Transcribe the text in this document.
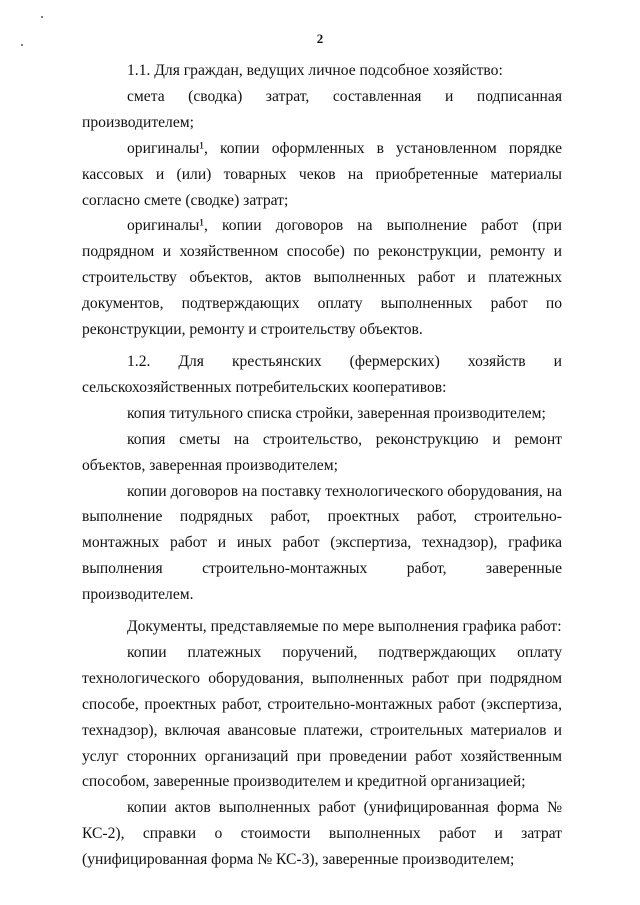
2

1.1. Для граждан, ведущих личное подсобное хозяйство:

смета (сводка) затрат, составленная и подписанная производителем;

оригиналы¹, копии оформленных в установленном порядке кассовых и (или) товарных чеков на приобретенные материалы согласно смете (сводке) затрат;

оригиналы¹, копии договоров на выполнение работ (при подрядном и хозяйственном способе) по реконструкции, ремонту и строительству объектов, актов выполненных работ и платежных документов, подтверждающих оплату выполненных работ по реконструкции, ремонту и строительству объектов.

1.2. Для крестьянских (фермерских) хозяйств и сельскохозяйственных потребительских кооперативов:

копия титульного списка стройки, заверенная производителем;

копия сметы на строительство, реконструкцию и ремонт объектов, заверенная производителем;

копии договоров на поставку технологического оборудования, на выполнение подрядных работ, проектных работ, строительно-монтажных работ и иных работ (экспертиза, технадзор), графика выполнения строительно-монтажных работ, заверенные производителем.

Документы, представляемые по мере выполнения графика работ:

копии платежных поручений, подтверждающих оплату технологического оборудования, выполненных работ при подрядном способе, проектных работ, строительно-монтажных работ (экспертиза, технадзор), включая авансовые платежи, строительных материалов и услуг сторонних организаций при проведении работ хозяйственным способом, заверенные производителем и кредитной организацией;

копии актов выполненных работ (унифицированная форма № КС-2), справки о стоимости выполненных работ и затрат (унифицированная форма № КС-3), заверенные производителем;
